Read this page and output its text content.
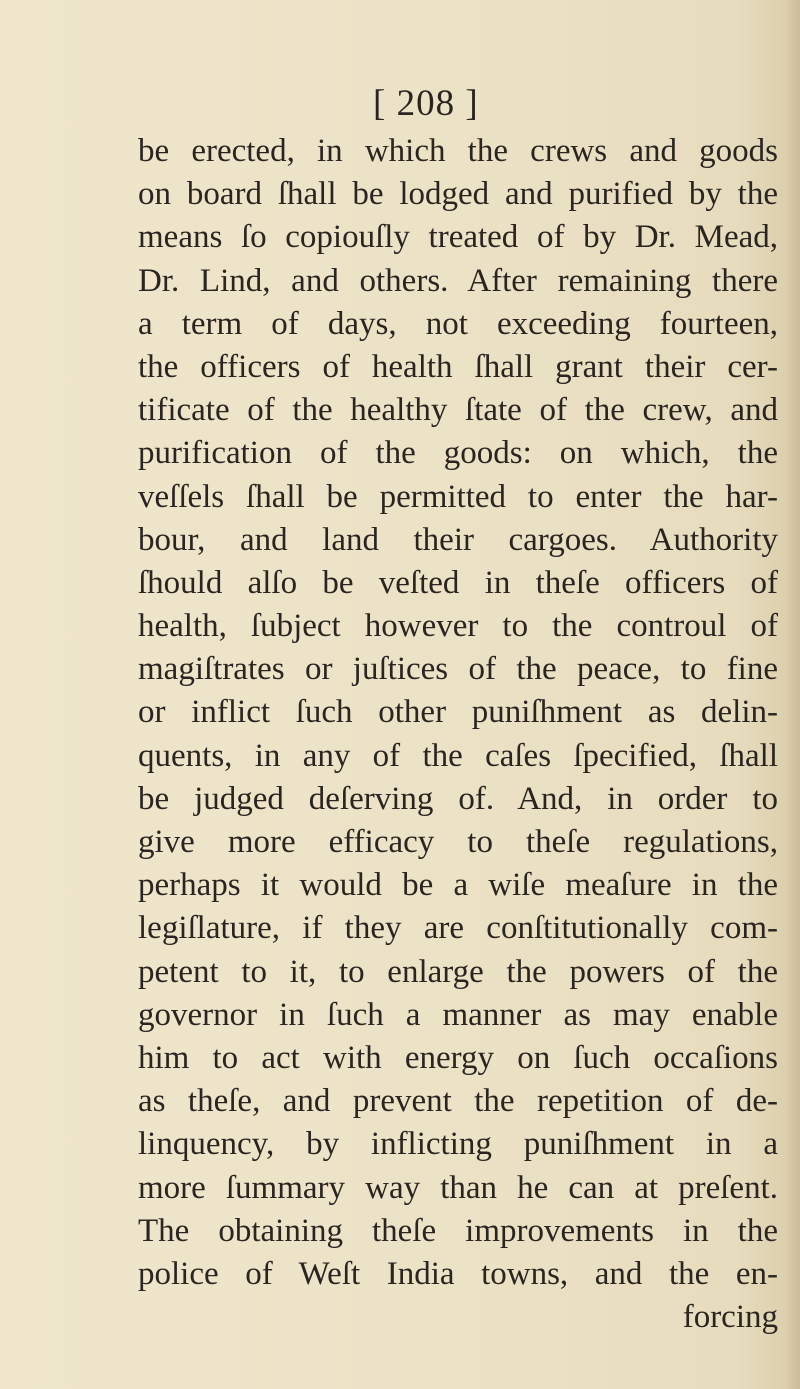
[ 208 ]
be erected, in which the crews and goods
on board ſhall be lodged and purified by the
means ſo copiouſly treated of by Dr. Mead,
Dr. Lind, and others. After remaining there
a term of days, not exceeding fourteen,
the officers of health ſhall grant their cer-
tificate of the healthy ſtate of the crew, and
purification of the goods: on which, the
veſſels ſhall be permitted to enter the har-
bour, and land their cargoes. Authority
ſhould alſo be veſted in theſe officers of
health, ſubject however to the controul of
magiſtrates or juſtices of the peace, to fine
or inflict ſuch other puniſhment as delin-
quents, in any of the caſes ſpecified, ſhall
be judged deſerving of. And, in order to
give more efficacy to theſe regulations,
perhaps it would be a wiſe meaſure in the
legiſlature, if they are conſtitutionally com-
petent to it, to enlarge the powers of the
governor in ſuch a manner as may enable
him to act with energy on ſuch occaſions
as theſe, and prevent the repetition of de-
linquency, by inflicting puniſhment in a
more ſummary way than he can at preſent.
The obtaining theſe improvements in the
police of Weſt India towns, and the en-
forcing
